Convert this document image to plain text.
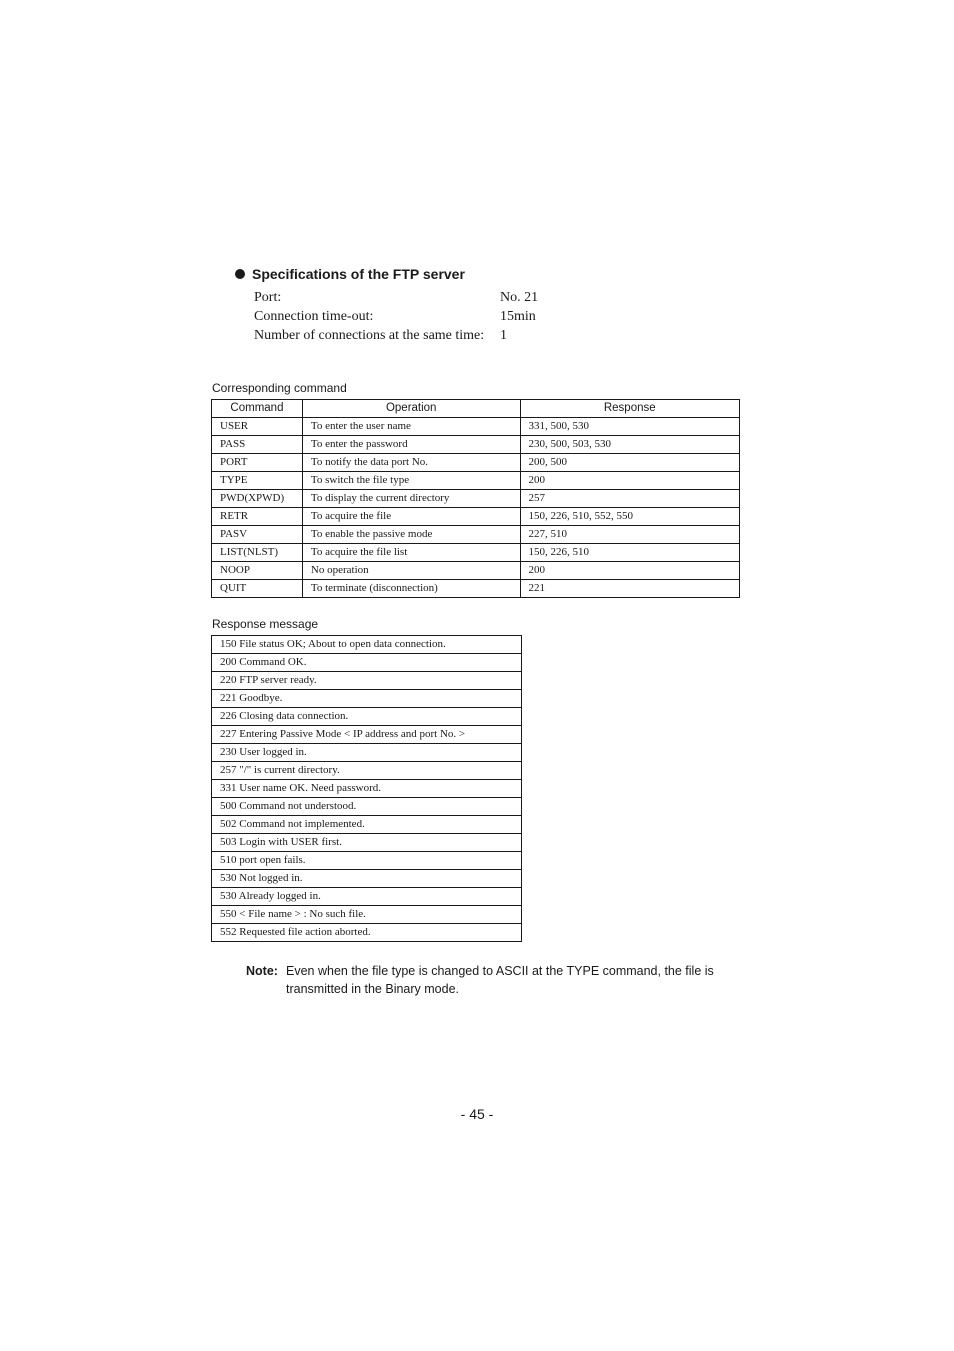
Specifications of the FTP server
Port:	No. 21
Connection time-out:	15min
Number of connections at the same time: 1
Corresponding command
Command	Operation	Response
USER	To enter the user name	331, 500, 530
PASS	To enter the password	230, 500, 503, 530
PORT	To notify the data port No.	200, 500
TYPE	To switch the file type	200
PWD(XPWD)	To display the current directory	257
RETR	To acquire the file	150, 226, 510, 552, 550
PASV	To enable the passive mode	227, 510
LIST(NLST)	To acquire the file list	150, 226, 510
NOOP	No operation	200
QUIT	To terminate (disconnection)	221
Response message
150 File status OK; About to open data connection.
200 Command OK.
220 FTP server ready.
221 Goodbye.
226 Closing data connection.
227 Entering Passive Mode < IP address and port No. >
230 User logged in.
257 "/" is current directory.
331 User name OK. Need password.
500 Command not understood.
502 Command not implemented.
503 Login with USER first.
510 port open fails.
530 Not logged in.
530 Already logged in.
550 < File name > : No such file.
552 Requested file action aborted.
Note: Even when the file type is changed to ASCII at the TYPE command, the file is transmitted in the Binary mode.
- 45 -
